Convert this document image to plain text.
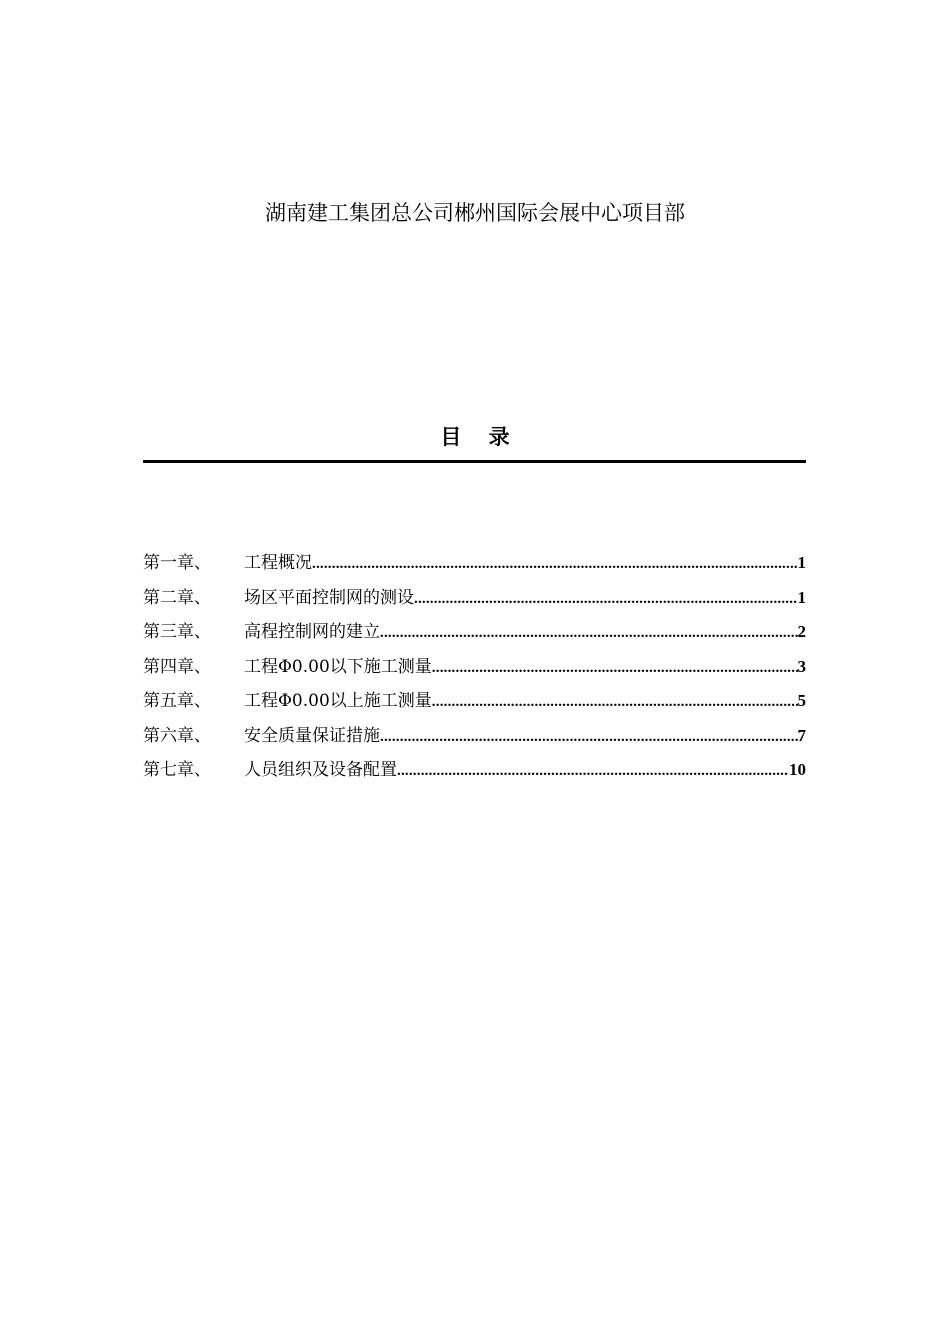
湖南建工集团总公司郴州国际会展中心项目部
目 录
第一章、	工程概况 .....	1
第二章、	场区平面控制网的测设 .....	1
第三章、	高程控制网的建立 .....	2
第四章、	工程Φ0.00以下施工测量 .....	3
第五章、	工程Φ0.00以上施工测量 .....	5
第六章、	安全质量保证措施 .....	7
第七章、	人员组织及设备配置 .....	10
